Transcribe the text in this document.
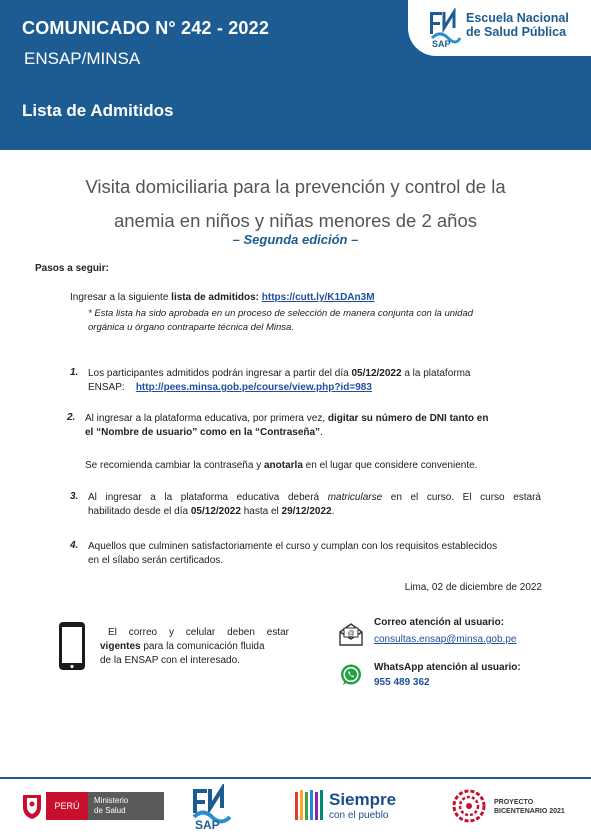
COMUNICADO N° 242 - 2022
ENSAP/MINSA
Lista de Admitidos
SAP
Escuela Nacional
de Salud Pública
Visita domiciliaria para la prevención y control de la
anemia en niños y niñas menores de 2 años
– Segunda edición –
Pasos a seguir:
Ingresar a la siguiente lista de admitidos: https://cutt.ly/K1DAn3M
* Esta lista ha sido aprobada en un proceso de selección de manera conjunta con la unidad
orgánica u órgano contraparte técnica del Minsa.
1. Los participantes admitidos podrán ingresar a partir del día 05/12/2022 a la plataforma
ENSAP: http://pees.minsa.gob.pe/course/view.php?id=983
2. Al ingresar a la plataforma educativa, por primera vez, digitar su número de DNI tanto en
el “Nombre de usuario” como en la “Contraseña”.
Se recomienda cambiar la contraseña y anotarla en el lugar que considere conveniente.
3. Al ingresar a la plataforma educativa deberá matricularse en el curso. El curso estará
habilitado desde el día 05/12/2022 hasta el 29/12/2022.
4. Aquellos que culminen satisfactoriamente el curso y cumplan con los requisitos establecidos
en el sílabo serán certificados.
Lima, 02 de diciembre de 2022
El correo y celular deben estar
vigentes para la comunicación fluida
de la ENSAP con el interesado.
@
Correo atención al usuario:
consultas.ensap@minsa.gob.pe
WhatsApp atención al usuario:
955 489 362
PERÚ
Ministerio
de Salud
SAP
Siempre
con el pueblo
PROYECTO
BICENTENARIO 2021
